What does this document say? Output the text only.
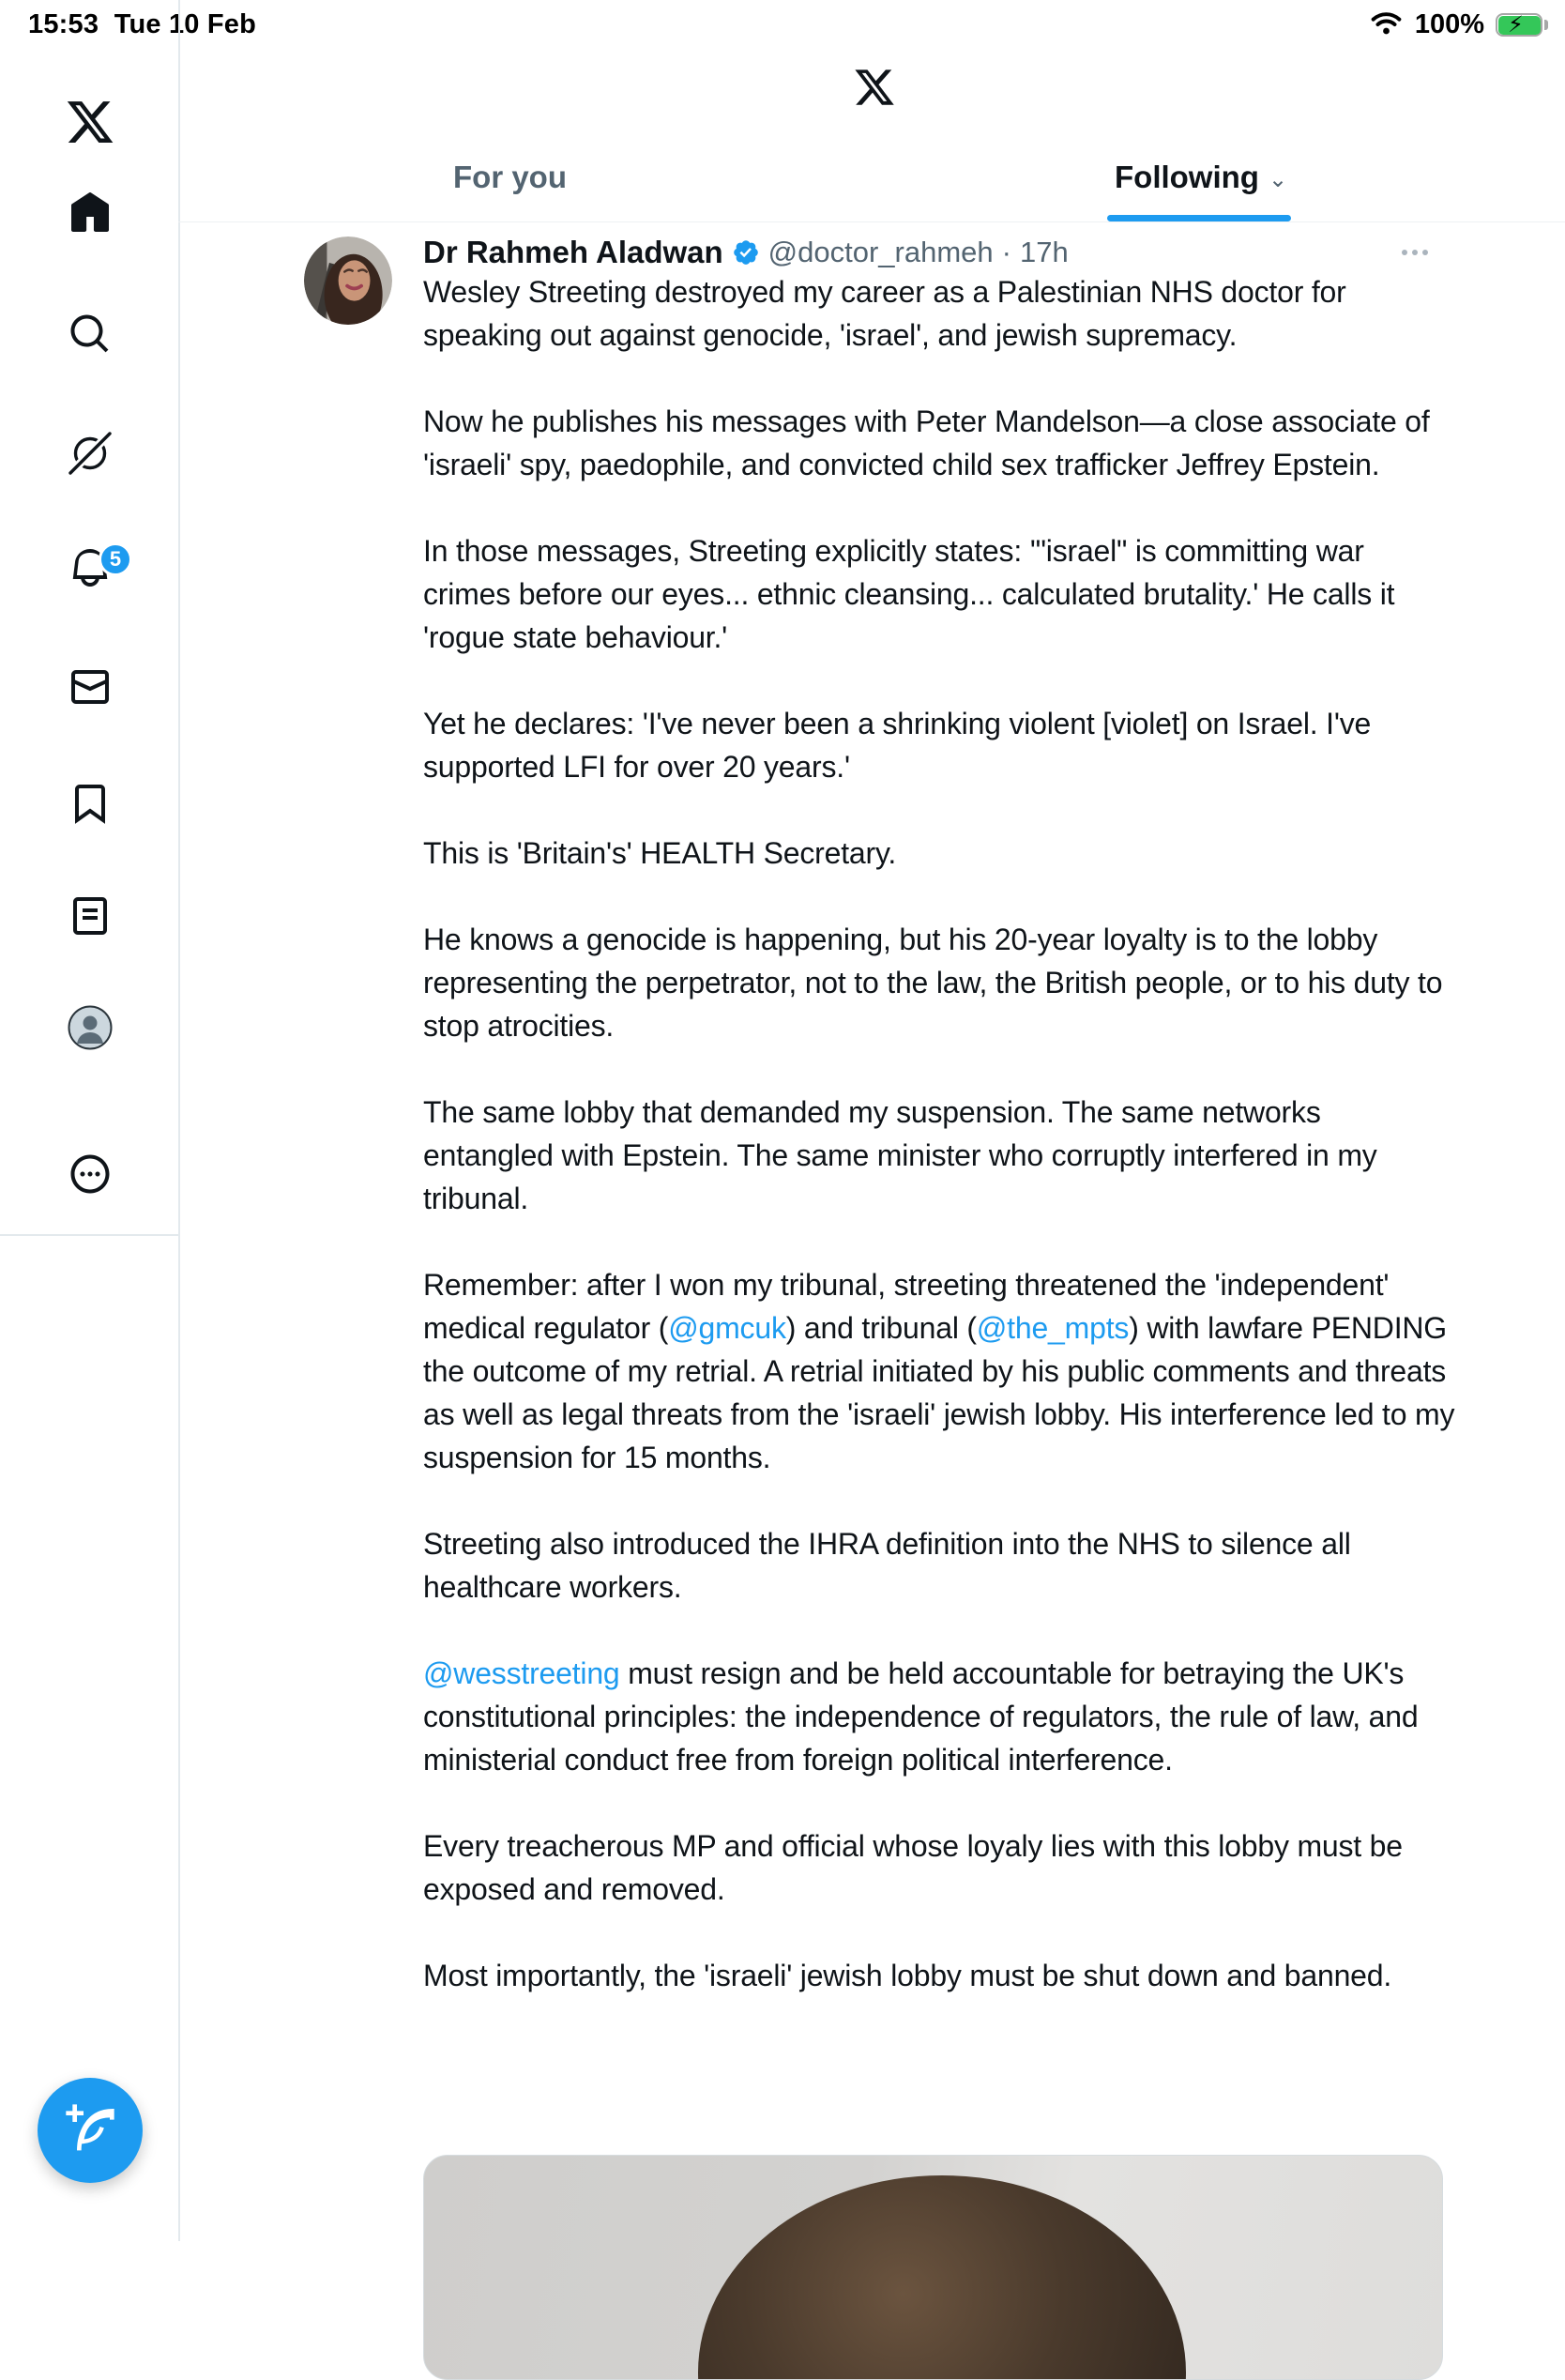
15:53 Tue 10 Feb	100% ⚡︎
5
For you	Following ⌄
Dr Rahmeh Aladwan @doctor_rahmeh · 17h
Wesley Streeting destroyed my career as a Palestinian NHS doctor for speaking out against genocide, 'israel', and jewish supremacy.

Now he publishes his messages with Peter Mandelson—a close associate of 'israeli' spy, paedophile, and convicted child sex trafficker Jeffrey Epstein.

In those messages, Streeting explicitly states: '"israel" is committing war crimes before our eyes... ethnic cleansing... calculated brutality.' He calls it 'rogue state behaviour.'

Yet he declares: 'I've never been a shrinking violent [violet] on Israel. I've supported LFI for over 20 years.'

This is 'Britain's' HEALTH Secretary.

He knows a genocide is happening, but his 20-year loyalty is to the lobby representing the perpetrator, not to the law, the British people, or to his duty to stop atrocities.

The same lobby that demanded my suspension. The same networks entangled with Epstein. The same minister who corruptly interfered in my tribunal.

Remember: after I won my tribunal, streeting threatened the 'independent' medical regulator (@gmcuk) and tribunal (@the_mpts) with lawfare PENDING the outcome of my retrial. A retrial initiated by his public comments and threats as well as legal threats from the 'israeli' jewish lobby. His interference led to my suspension for 15 months.

Streeting also introduced the IHRA definition into the NHS to silence all healthcare workers.

@wesstreeting must resign and be held accountable for betraying the UK's constitutional principles: the independence of regulators, the rule of law, and ministerial conduct free from foreign political interference.

Every treacherous MP and official whose loyaly lies with this lobby must be exposed and removed.

Most importantly, the 'israeli' jewish lobby must be shut down and banned.
